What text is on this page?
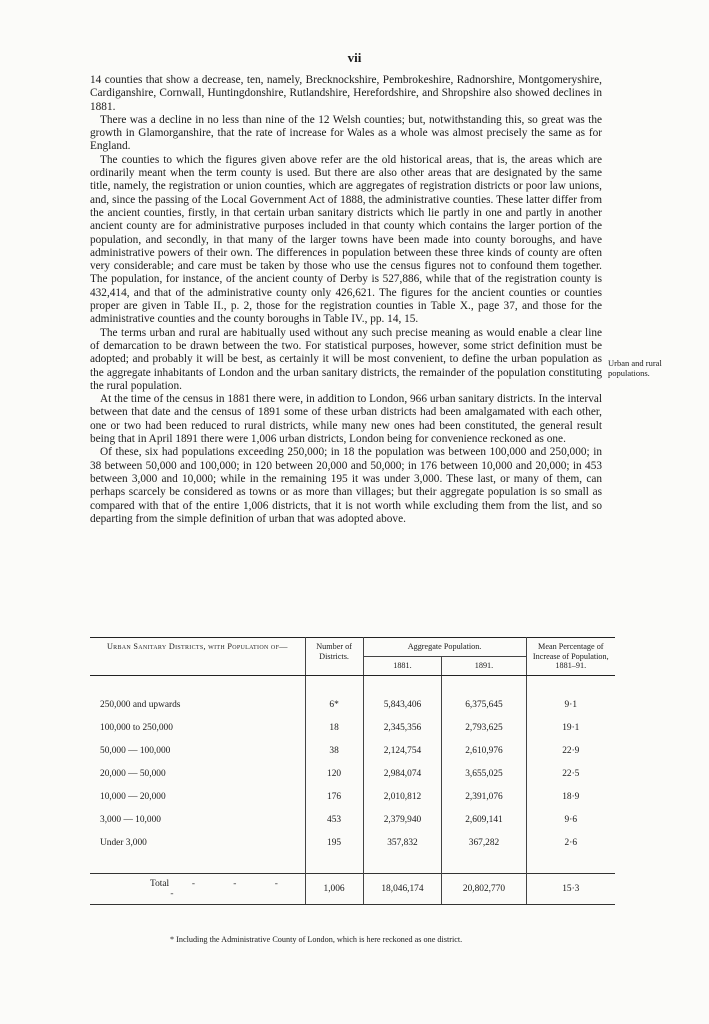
vii

14 counties that show a decrease, ten, namely, Brecknockshire, Pembrokeshire, Radnorshire, Montgomeryshire, Cardiganshire, Cornwall, Huntingdonshire, Rutlandshire, Herefordshire, and Shropshire also showed declines in 1881.

There was a decline in no less than nine of the 12 Welsh counties; but, notwithstanding this, so great was the growth in Glamorganshire, that the rate of increase for Wales as a whole was almost precisely the same as for England.

The counties to which the figures given above refer are the old historical areas, that is, the areas which are ordinarily meant when the term county is used. But there are also other areas that are designated by the same title, namely, the registration or union counties, which are aggregates of registration districts or poor law unions, and, since the passing of the Local Government Act of 1888, the administrative counties. These latter differ from the ancient counties, firstly, in that certain urban sanitary districts which lie partly in one and partly in another ancient county are for administrative purposes included in that county which contains the larger portion of the population, and secondly, in that many of the larger towns have been made into county boroughs, and have administrative powers of their own. The differences in population between these three kinds of county are often very considerable; and care must be taken by those who use the census figures not to confound them together. The population, for instance, of the ancient county of Derby is 527,886, while that of the registration county is 432,414, and that of the administrative county only 426,621. The figures for the ancient counties or counties proper are given in Table II., p. 2, those for the registration counties in Table X., page 37, and those for the administrative counties and the county boroughs in Table IV., pp. 14, 15.

The terms urban and rural are habitually used without any such precise meaning as would enable a clear line of demarcation to be drawn between the two. For statistical purposes, however, some strict definition must be adopted; and probably it will be best, as certainly it will be most convenient, to define the urban population as the aggregate inhabitants of London and the urban sanitary districts, the remainder of the population constituting the rural population.

At the time of the census in 1881 there were, in addition to London, 966 urban sanitary districts. In the interval between that date and the census of 1891 some of these urban districts had been amalgamated with each other, one or two had been reduced to rural districts, while many new ones had been constituted, the general result being that in April 1891 there were 1,006 urban districts, London being for convenience reckoned as one.

Of these, six had populations exceeding 250,000; in 18 the population was between 100,000 and 250,000; in 38 between 50,000 and 100,000; in 120 between 20,000 and 50,000; in 176 between 10,000 and 20,000; in 453 between 3,000 and 10,000; while in the remaining 195 it was under 3,000. These last, or many of them, can perhaps scarcely be considered as towns or as more than villages; but their aggregate population is so small as compared with that of the entire 1,006 districts, that it is not worth while excluding them from the list, and so departing from the simple definition of urban that was adopted above.

Urban and rural populations.
Urban Sanitary Districts, with Population of—	Number of Districts.	Aggregate Population.		Mean Percentage of Increase of Population, 1881–91.
		1881.	1891.	

250,000 and upwards	6*	5,843,406	6,375,645	9·1
100,000 to 250,000	18	2,345,356	2,793,625	19·1
50,000 — 100,000	38	2,124,754	2,610,976	22·9
20,000 — 50,000	120	2,984,074	3,655,025	22·5
10,000 — 20,000	176	2,010,812	2,391,076	18·9
3,000 — 10,000	453	2,379,940	2,609,141	9·6
Under 3,000	195	357,832	367,282	2·6

Total  - - - -	1,006	18,046,174	20,802,770	15·3
* Including the Administrative County of London, which is here reckoned as one district.
